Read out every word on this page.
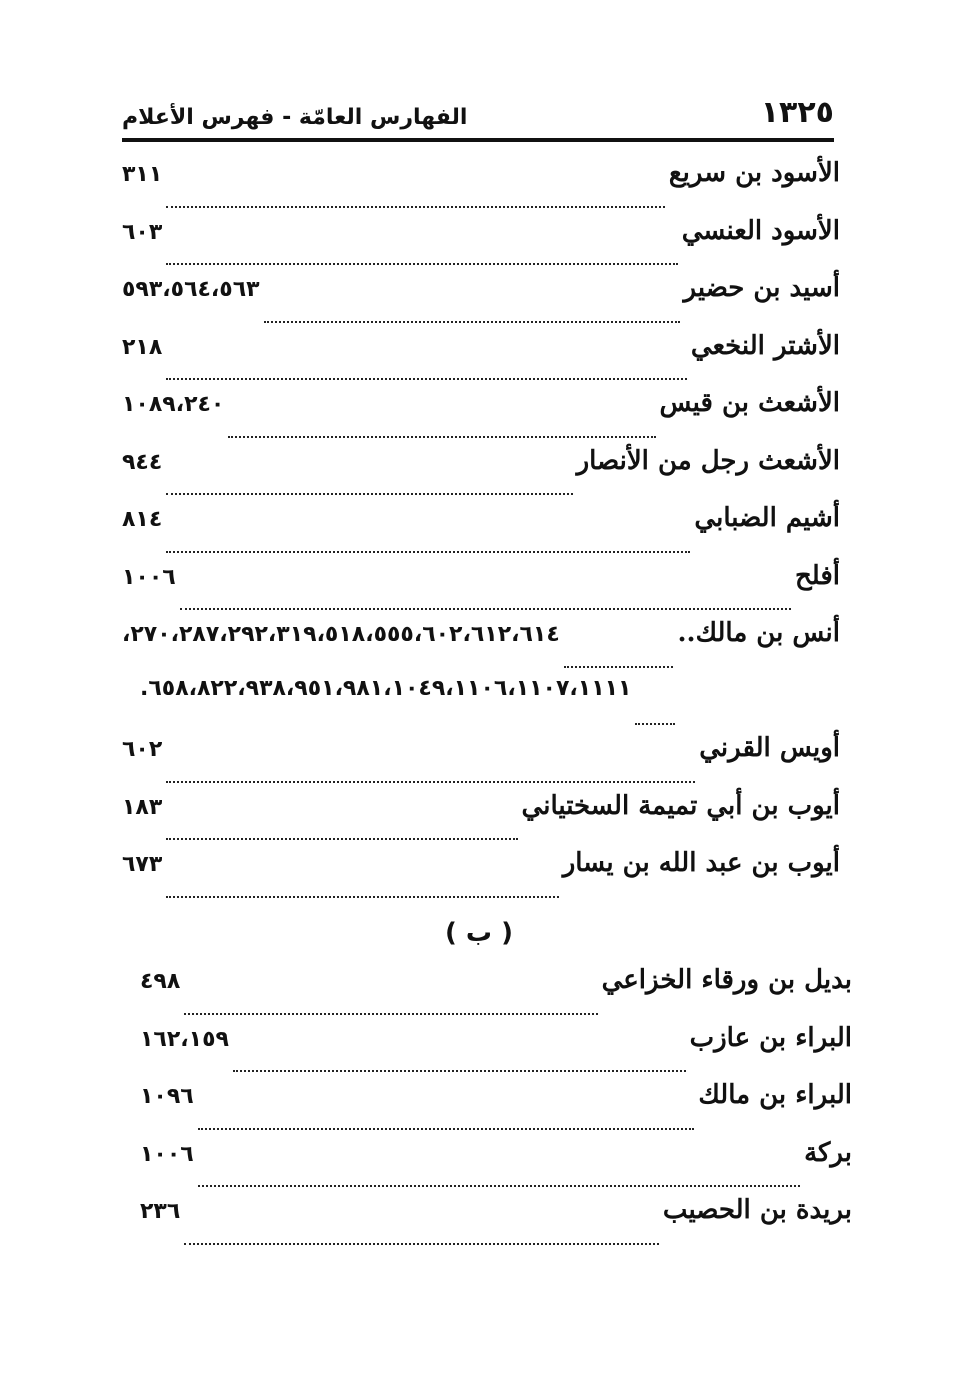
١٣٢٥
الفهارس العامّة - فهرس الأعلام
الأسود بن سريع
٣١١
الأسود العنسي
٦٠٣
أسيد بن حضير
٥٩٣،٥٦٤،٥٦٣
الأشتر النخعي
٢١٨
الأشعث بن قيس
١٠٨٩،٢٤٠
الأشعث رجل من الأنصار
٩٤٤
أشيم الضبابي
٨١٤
أفلح
١٠٠٦
أنس بن مالك..
٢٧٠،٢٨٧،٢٩٢،٣١٩،٥١٨،٥٥٥،٦٠٢،٦١٢،٦١٤،
٦٥٨،٨٢٢،٩٣٨،٩٥١،٩٨١،١٠٤٩،١١٠٦،١١٠٧،١١١١.
أويس القرني
٦٠٢
أيوب بن أبي تميمة السختياني
١٨٣
أيوب بن عبد الله بن يسار
٦٧٣
( ب )
بديل بن ورقاء الخزاعي
٤٩٨
البراء بن عازب
١٦٢،١٥٩
البراء بن مالك
١٠٩٦
بركة
١٠٠٦
بريدة بن الحصيب
٢٣٦
